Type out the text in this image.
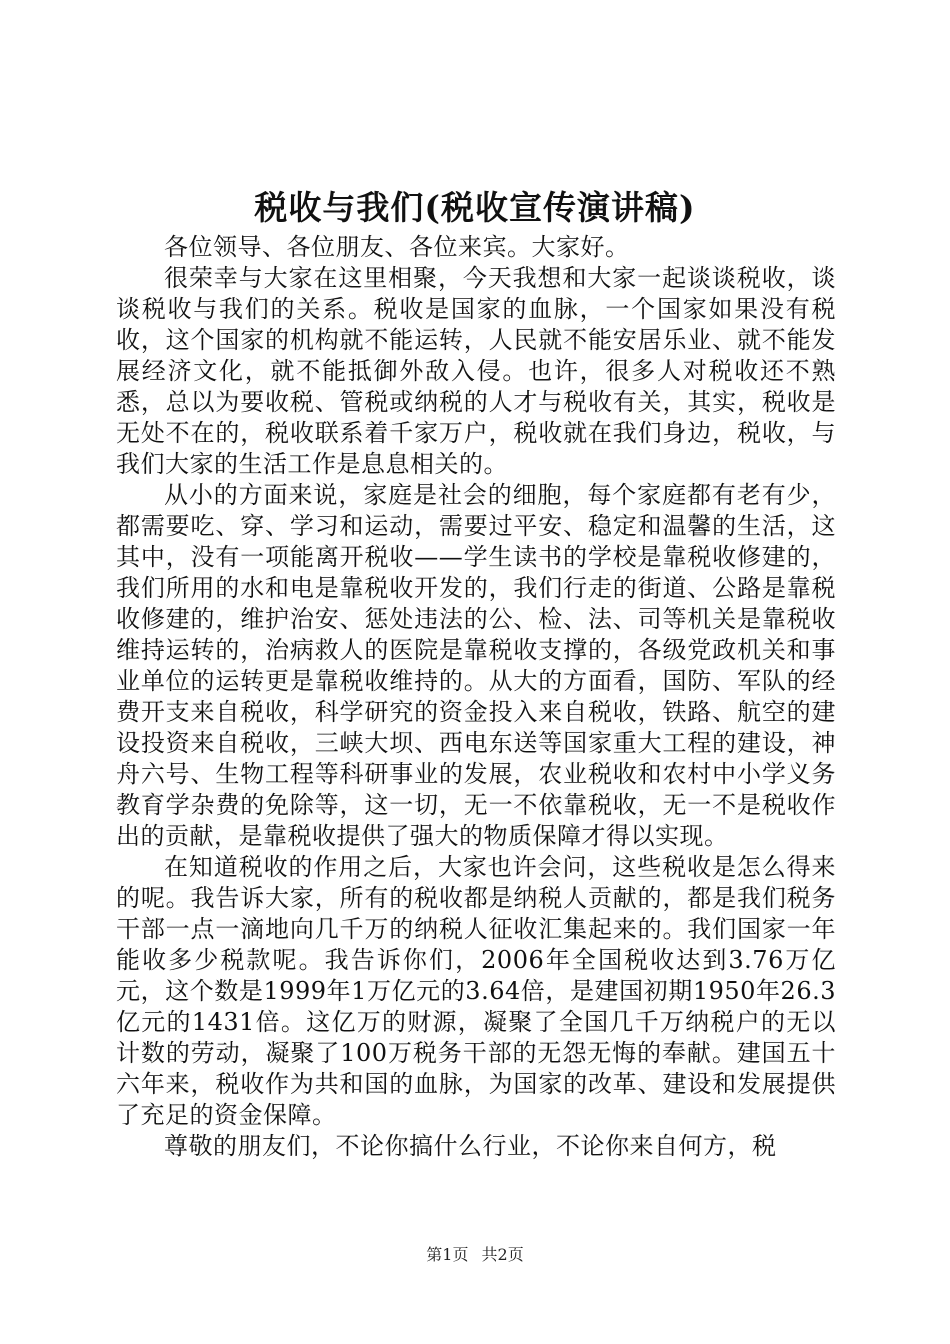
税收与我们(税收宣传演讲稿)

各位领导、各位朋友、各位来宾。大家好。

很荣幸与大家在这里相聚，今天我想和大家一起谈谈税收，谈谈税收与我们的关系。税收是国家的血脉，一个国家如果没有税收，这个国家的机构就不能运转，人民就不能安居乐业、就不能发展经济文化，就不能抵御外敌入侵。也许，很多人对税收还不熟悉，总以为要收税、管税或纳税的人才与税收有关，其实，税收是无处不在的，税收联系着千家万户，税收就在我们身边，税收，与我们大家的生活工作是息息相关的。

从小的方面来说，家庭是社会的细胞，每个家庭都有老有少，都需要吃、穿、学习和运动，需要过平安、稳定和温馨的生活，这其中，没有一项能离开税收——学生读书的学校是靠税收修建的，我们所用的水和电是靠税收开发的，我们行走的街道、公路是靠税收修建的，维护治安、惩处违法的公、检、法、司等机关是靠税收维持运转的，治病救人的医院是靠税收支撑的，各级党政机关和事业单位的运转更是靠税收维持的。从大的方面看，国防、军队的经费开支来自税收，科学研究的资金投入来自税收，铁路、航空的建设投资来自税收，三峡大坝、西电东送等国家重大工程的建设，神舟六号、生物工程等科研事业的发展，农业税收和农村中小学义务教育学杂费的免除等，这一切，无一不依靠税收，无一不是税收作出的贡献，是靠税收提供了强大的物质保障才得以实现。

在知道税收的作用之后，大家也许会问，这些税收是怎么得来的呢。我告诉大家，所有的税收都是纳税人贡献的，都是我们税务干部一点一滴地向几千万的纳税人征收汇集起来的。我们国家一年能收多少税款呢。我告诉你们，2006年全国税收达到3.76万亿元，这个数是1999年1万亿元的3.64倍，是建国初期1950年26.3亿元的1431倍。这亿万的财源，凝聚了全国几千万纳税户的无以计数的劳动，凝聚了100万税务干部的无怨无悔的奉献。建国五十六年来，税收作为共和国的血脉，为国家的改革、建设和发展提供了充足的资金保障。

尊敬的朋友们，不论你搞什么行业，不论你来自何方，税

第1页 共2页
